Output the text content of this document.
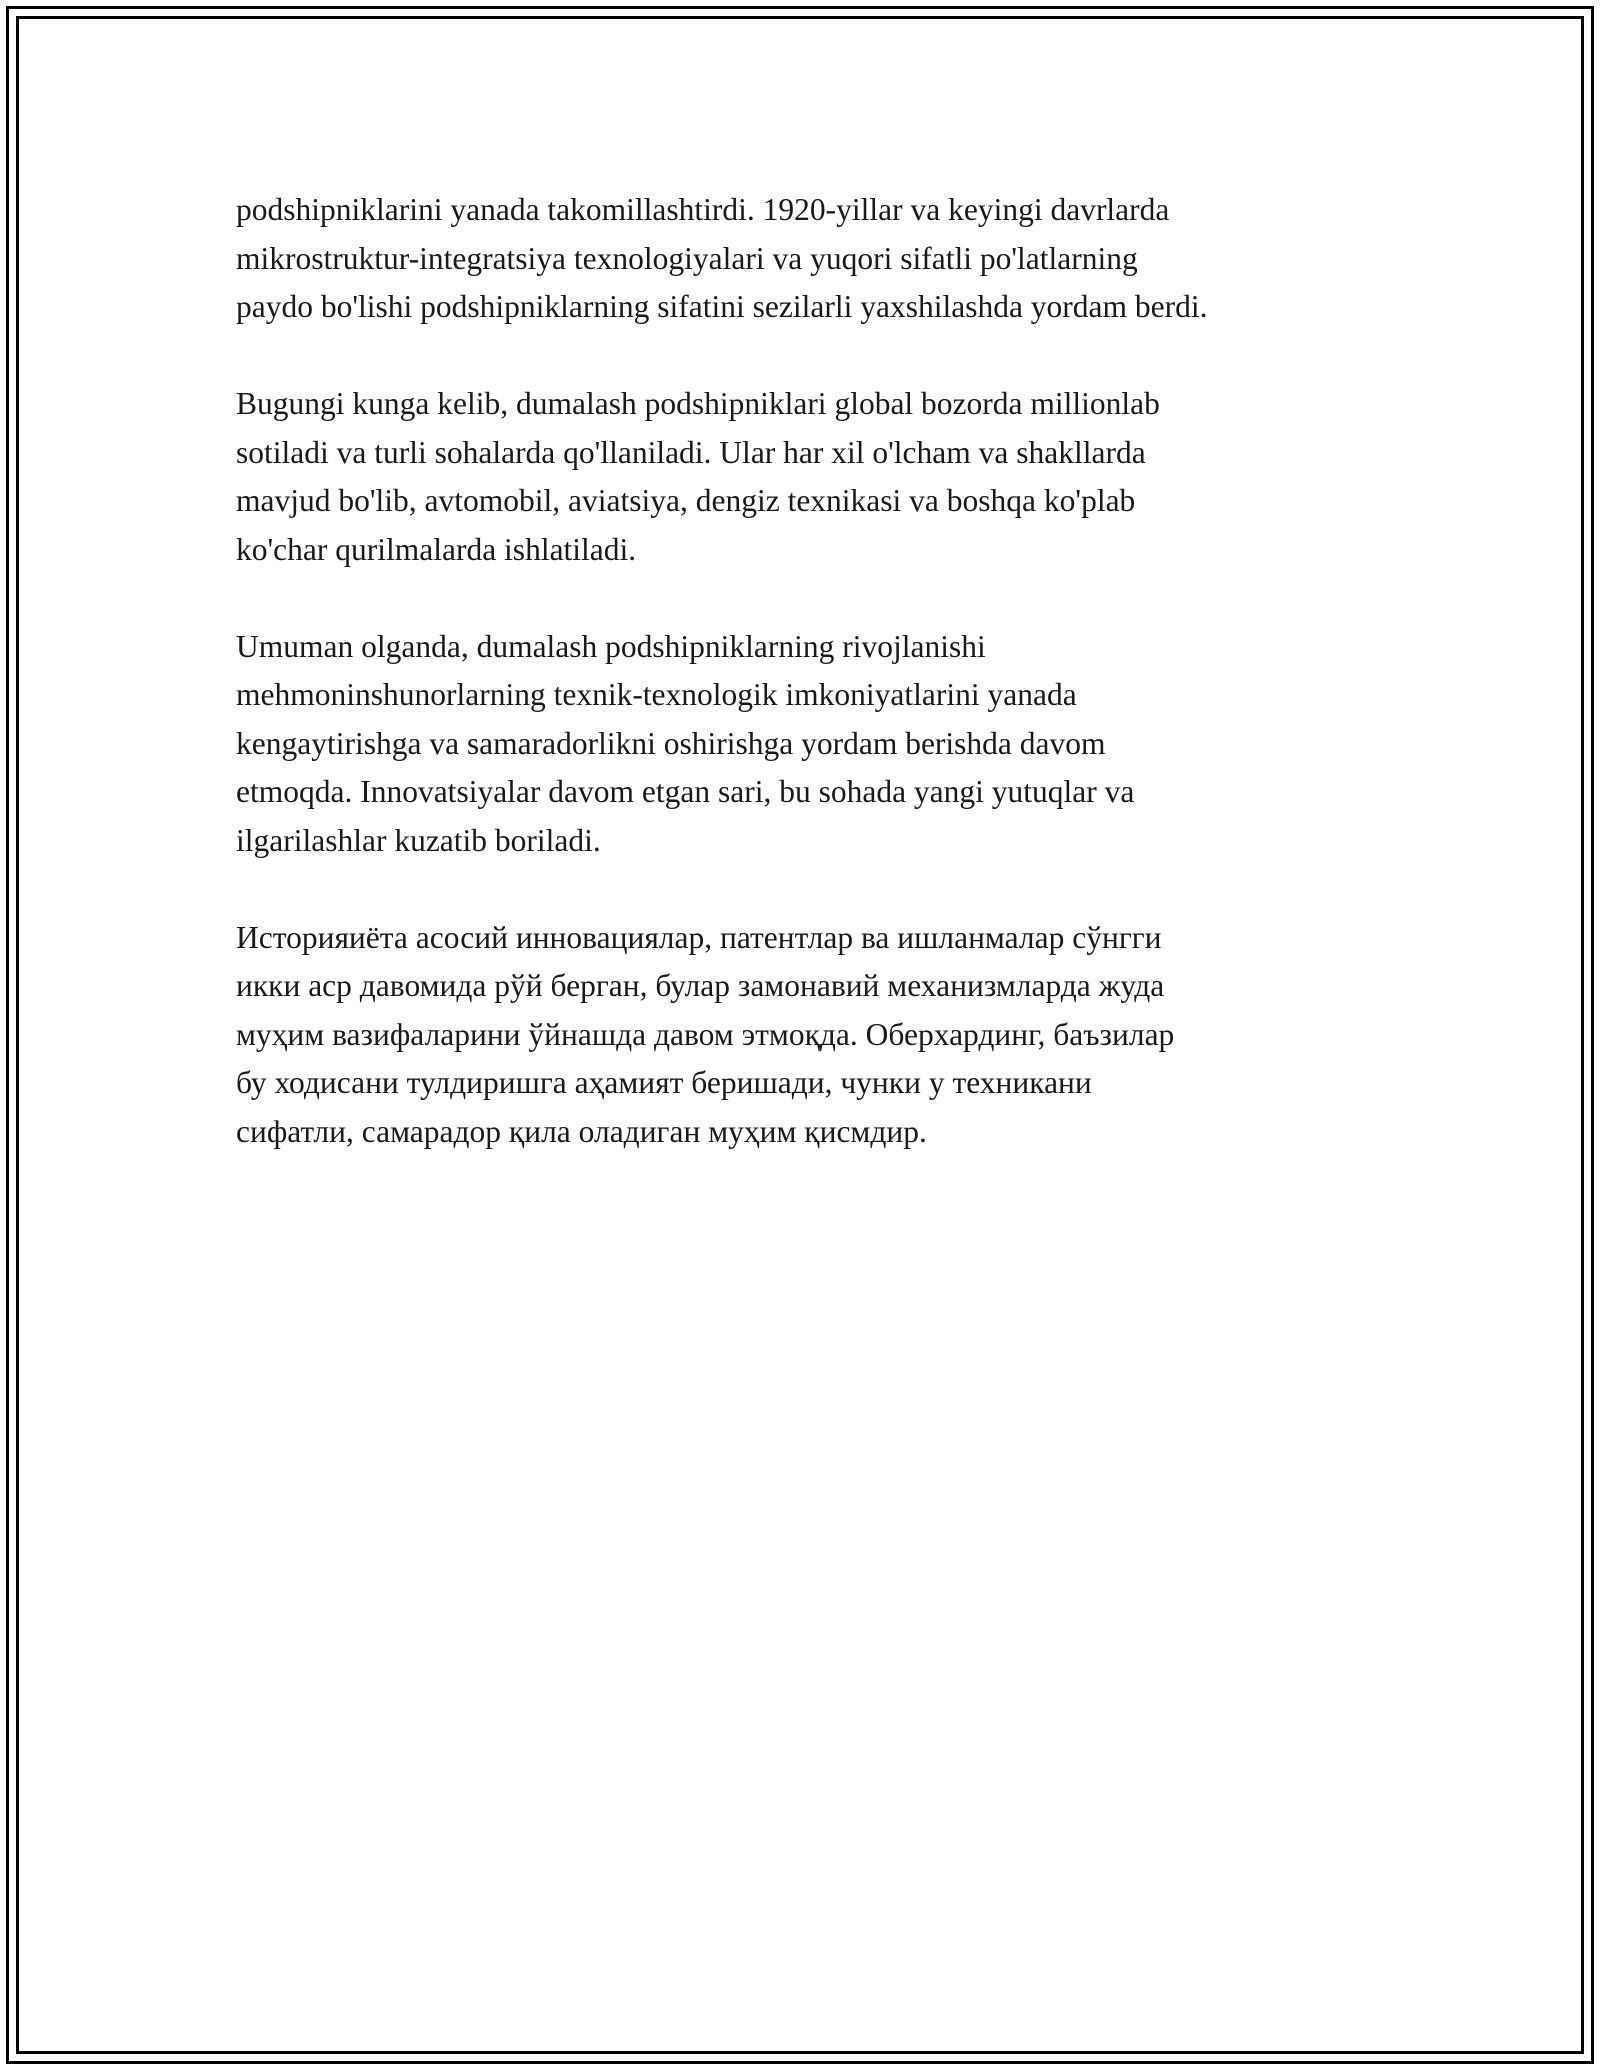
podshipniklarini yanada takomillashtirdi. 1920-yillar va keyingi davrlarda
mikrostruktur-integratsiya texnologiyalari va yuqori sifatli po'latlarning
paydo bo'lishi podshipniklarning sifatini sezilarli yaxshilashda yordam berdi.

Bugungi kunga kelib, dumalash podshipniklari global bozorda millionlab
sotiladi va turli sohalarda qo'llaniladi. Ular har xil o'lcham va shakllarda
mavjud bo'lib, avtomobil, aviatsiya, dengiz texnikasi va boshqa ko'plab
ko'char qurilmalarda ishlatiladi.

Umuman olganda, dumalash podshipniklarning rivojlanishi
mehmoninshunorlarning texnik-texnologik imkoniyatlarini yanada
kengaytirishga va samaradorlikni oshirishga yordam berishda davom
etmoqda. Innovatsiyalar davom etgan sari, bu sohada yangi yutuqlar va
ilgarilashlar kuzatib boriladi.

Историяиёта асосий инновациялар, патентлар ва ишланмалар сўнгги
икки аср давомида рўй берган, булар замонавий механизмларда жуда
муҳим вазифаларини ўйнашда давом этмоқда. Оберхардинг, баъзилар
бу ходисани тулдиришга аҳамият беришади, чунки у техникани
сифатли, самарадор қила оладиган муҳим қисмдир.
